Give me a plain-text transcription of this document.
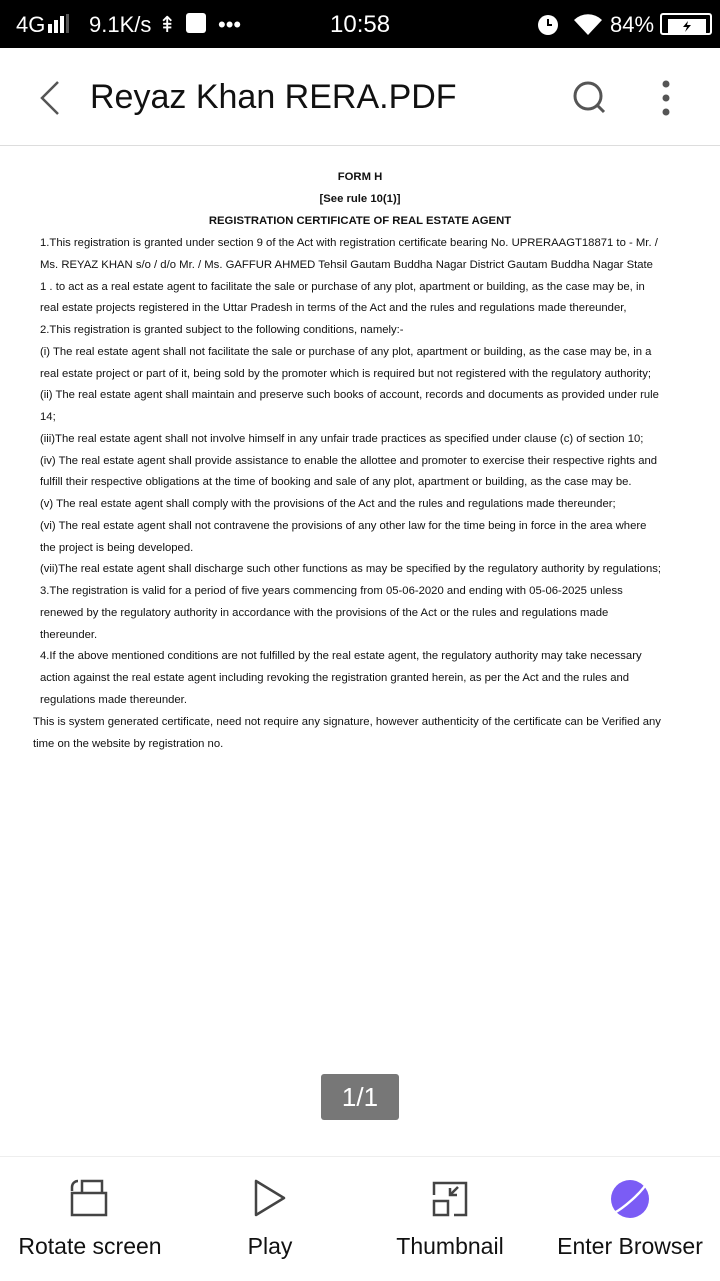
4G 9.1K/s ⇞ •••	10:58	84%
Reyaz Khan RERA.PDF
FORM H
[See rule 10(1)]
REGISTRATION CERTIFICATE OF REAL ESTATE AGENT
1.This registration is granted under section 9 of the Act with registration certificate bearing No. UPRERAAGT18871 to - Mr. /
Ms. REYAZ KHAN s/o / d/o Mr. / Ms. GAFFUR AHMED Tehsil Gautam Buddha Nagar District Gautam Buddha Nagar State
1 . to act as a real estate agent to facilitate the sale or purchase of any plot, apartment or building, as the case may be, in
real estate projects registered in the Uttar Pradesh in terms of the Act and the rules and regulations made thereunder,
2.This registration is granted subject to the following conditions, namely:-
(i) The real estate agent shall not facilitate the sale or purchase of any plot, apartment or building, as the case may be, in a
real estate project or part of it, being sold by the promoter which is required but not registered with the regulatory authority;
(ii) The real estate agent shall maintain and preserve such books of account, records and documents as provided under rule
14;
(iii)The real estate agent shall not involve himself in any unfair trade practices as specified under clause (c) of section 10;
(iv) The real estate agent shall provide assistance to enable the allottee and promoter to exercise their respective rights and
fulfill their respective obligations at the time of booking and sale of any plot, apartment or building, as the case may be.
(v) The real estate agent shall comply with the provisions of the Act and the rules and regulations made thereunder;
(vi) The real estate agent shall not contravene the provisions of any other law for the time being in force in the area where
the project is being developed.
(vii)The real estate agent shall discharge such other functions as may be specified by the regulatory authority by regulations;
3.The registration is valid for a period of five years commencing from 05-06-2020 and ending with 05-06-2025 unless
renewed by the regulatory authority in accordance with the provisions of the Act or the rules and regulations made
thereunder.
4.If the above mentioned conditions are not fulfilled by the real estate agent, the regulatory authority may take necessary
action against the real estate agent including revoking the registration granted herein, as per the Act and the rules and
regulations made thereunder.
This is system generated certificate, need not require any signature, however authenticity of the certificate can be Verified any
time on the website by registration no.
1/1
Rotate screen	Play	Thumbnail	Enter Browser
